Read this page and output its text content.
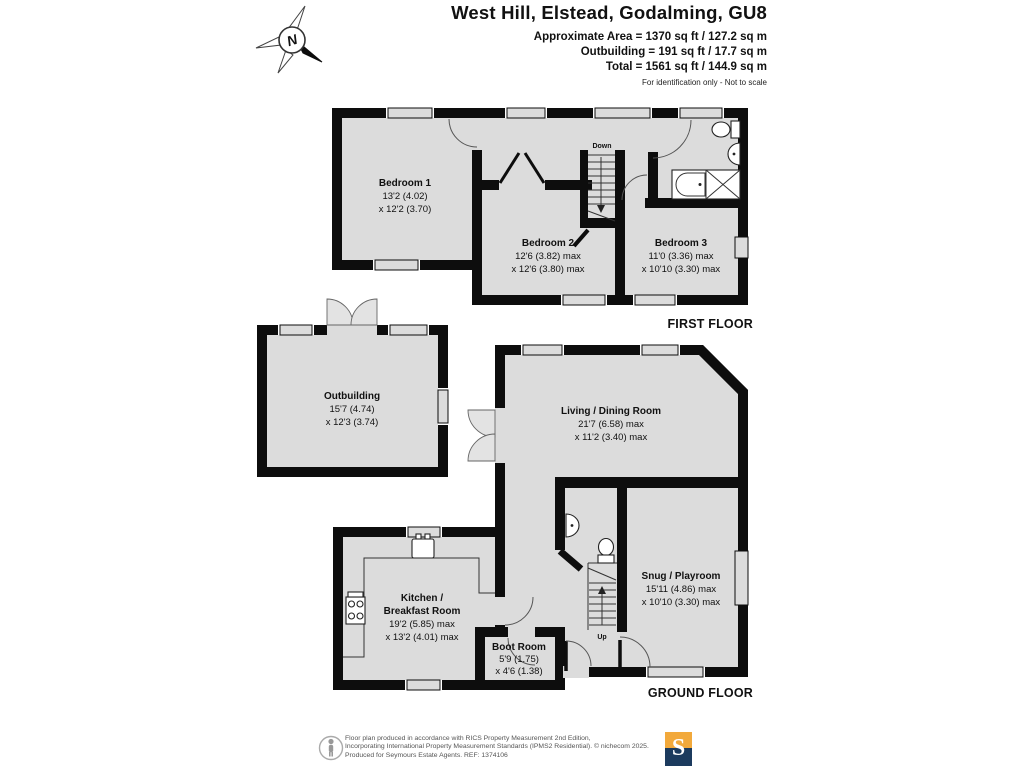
West Hill, Elstead, Godalming, GU8
Approximate Area = 1370 sq ft / 127.2 sq m
Outbuilding = 191 sq ft / 17.7 sq m
Total = 1561 sq ft / 144.9 sq m
For identification only - Not to scale
N
Down
Bedroom 1
13'2 (4.02)
x 12'2 (3.70)
Bedroom 2
12'6 (3.82) max
x 12'6 (3.80) max
Bedroom 3
11'0 (3.36) max
x 10'10 (3.30) max
FIRST FLOOR
Outbuilding
15'7 (4.74)
x 12'3 (3.74)
Up
Living / Dining Room
21'7 (6.58) max
x 11'2 (3.40) max
Kitchen /
Breakfast Room
19'2 (5.85) max
x 13'2 (4.01) max
Boot Room
5'9 (1.75)
x 4'6 (1.38)
Snug / Playroom
15'11 (4.86) max
x 10'10 (3.30) max
GROUND FLOOR
Floor plan produced in accordance with RICS Property Measurement 2nd Edition,
Incorporating International Property Measurement Standards (IPMS2 Residential). © nichecom 2025.
Produced for Seymours Estate Agents. REF: 1374106	S
